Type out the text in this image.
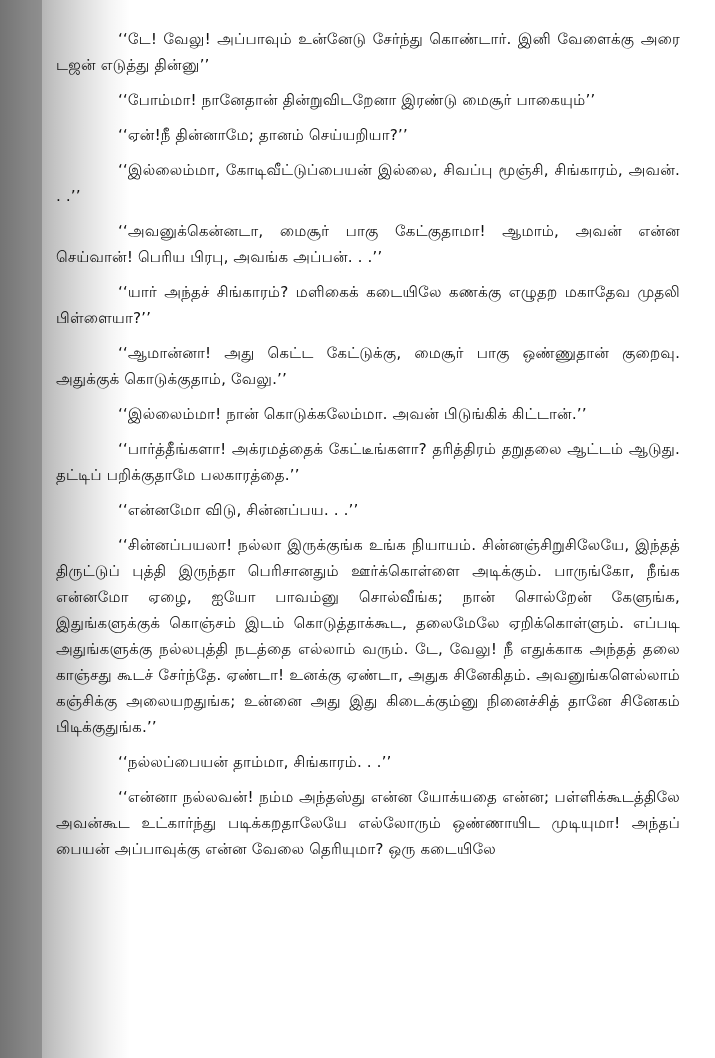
‘‘டே! வேலு! அப்பாவும் உன்னேடு சேர்ந்து கொண்டார். இனி வேளைக்கு அரை டஜன் எடுத்து தின்னு’’

‘‘போம்மா! நானேதான் தின்றுவிடறேனா இரண்டு மைசூர் பாகையும்’’

‘‘ஏன்!நீ தின்னாமே; தானம் செய்யறியா?’’

‘‘இல்லைம்மா, கோடிவீட்டுப்பையன் இல்லை, சிவப்பு மூஞ்சி, சிங்காரம், அவன். . .’’

‘‘அவனுக்கென்னடா, மைசூர் பாகு கேட்குதாமா! ஆமாம், அவன் என்ன செய்வான்! பெரிய பிரபு, அவங்க அப்பன். . .’’

‘‘யார் அந்தச் சிங்காரம்? மளிகைக் கடையிலே கணக்கு எழுதற மகாதேவ முதலி பிள்ளையா?’’

‘‘ஆமான்னா! அது கெட்ட கேட்டுக்கு, மைசூர் பாகு ஒண்ணுதான் குறைவு. அதுக்குக் கொடுக்குதாம், வேலு.’’

‘‘இல்லைம்மா! நான் கொடுக்கலேம்மா. அவன் பிடுங்கிக் கிட்டான்.’’

‘‘பார்த்தீங்களா! அக்ரமத்தைக் கேட்டீங்களா? தரித்திரம் தறுதலை ஆட்டம் ஆடுது. தட்டிப் பறிக்குதாமே பலகாரத்தை.’’

‘‘என்னமோ விடு, சின்னப்பய. . .’’

‘‘சின்னப்பயலா! நல்லா இருக்குங்க உங்க நியாயம். சின்னஞ்சிறுசிலேயே, இந்தத் திருட்டுப் புத்தி இருந்தா பெரிசானதும் ஊர்க்கொள்ளை அடிக்கும். பாருங்கோ, நீங்க என்னமோ ஏழை, ஐயோ பாவம்னு சொல்வீங்க; நான் சொல்றேன் கேளுங்க, இதுங்களுக்குக் கொஞ்சம் இடம் கொடுத்தாக்கூட, தலைமேலே ஏறிக்கொள்ளும். எப்படி அதுங்களுக்கு நல்லபுத்தி நடத்தை எல்லாம் வரும். டே, வேலு! நீ எதுக்காக அந்தத் தலை காஞ்சது கூடச் சேர்ந்தே. ஏண்டா! உனக்கு ஏண்டா, அதுக சினேகிதம். அவனுங்களெல்லாம் கஞ்சிக்கு அலையறதுங்க; உன்னை அது இது கிடைக்கும்னு நினைச்சித் தானே சினேகம் பிடிக்குதுங்க.’’

‘‘நல்லப்பையன் தாம்மா, சிங்காரம். . .’’

‘‘என்னா நல்லவன்! நம்ம அந்தஸ்து என்ன யோக்யதை என்ன; பள்ளிக்கூடத்திலே அவன்கூட உட்கார்ந்து படிக்கறதாலேயே எல்லோரும் ஒண்ணாயிட முடியுமா! அந்தப் பையன் அப்பாவுக்கு என்ன வேலை தெரியுமா? ஒரு கடையிலே
